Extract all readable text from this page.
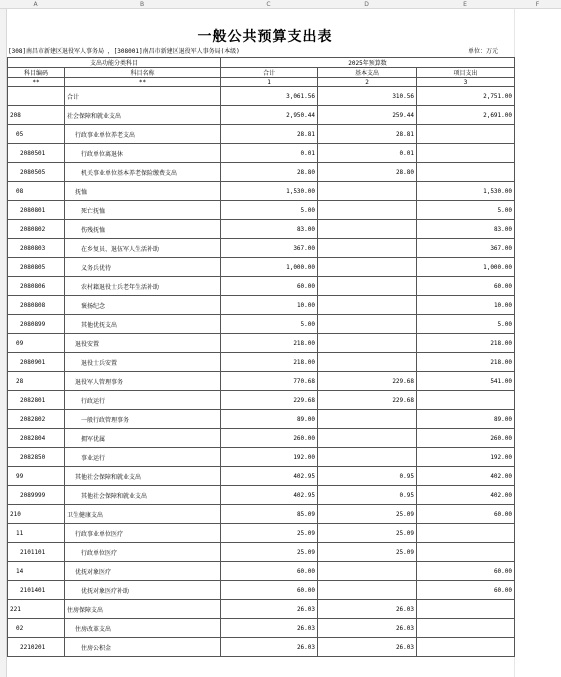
A	B	C	D	E	F
一般公共预算支出表
[308]南昌市新建区退役军人事务局 ，[308001]南昌市新建区退役军人事务局(本级)	单位：万元
支出功能分类科目		2025年预算数		
科目编码	科目名称	合计	基本支出	项目支出
**	**	1	2	3
	合计	3,061.56	310.56	2,751.00
208	社会保障和就业支出	2,950.44	259.44	2,691.00
05	行政事业单位养老支出	28.81	28.81	
2080501	行政单位离退休	0.01	0.01	
2080505	机关事业单位基本养老保险缴费支出	28.80	28.80	
08	抚恤	1,530.00		1,530.00
2080801	死亡抚恤	5.00		5.00
2080802	伤残抚恤	83.00		83.00
2080803	在乡复员、退伍军人生活补助	367.00		367.00
2080805	义务兵优待	1,000.00		1,000.00
2080806	农村籍退役士兵老年生活补助	60.00		60.00
2080808	褒扬纪念	10.00		10.00
2080899	其他优抚支出	5.00		5.00
09	退役安置	218.00		218.00
2080901	退役士兵安置	218.00		218.00
28	退役军人管理事务	770.68	229.68	541.00
2082801	行政运行	229.68	229.68	
2082802	一般行政管理事务	89.00		89.00
2082804	拥军优属	260.00		260.00
2082850	事业运行	192.00		192.00
99	其他社会保障和就业支出	402.95	0.95	402.00
2089999	其他社会保障和就业支出	402.95	0.95	402.00
210	卫生健康支出	85.09	25.09	60.00
11	行政事业单位医疗	25.09	25.09	
2101101	行政单位医疗	25.09	25.09	
14	优抚对象医疗	60.00		60.00
2101401	优抚对象医疗补助	60.00		60.00
221	住房保障支出	26.03	26.03	
02	住房改革支出	26.03	26.03	
2210201	住房公积金	26.03	26.03	
